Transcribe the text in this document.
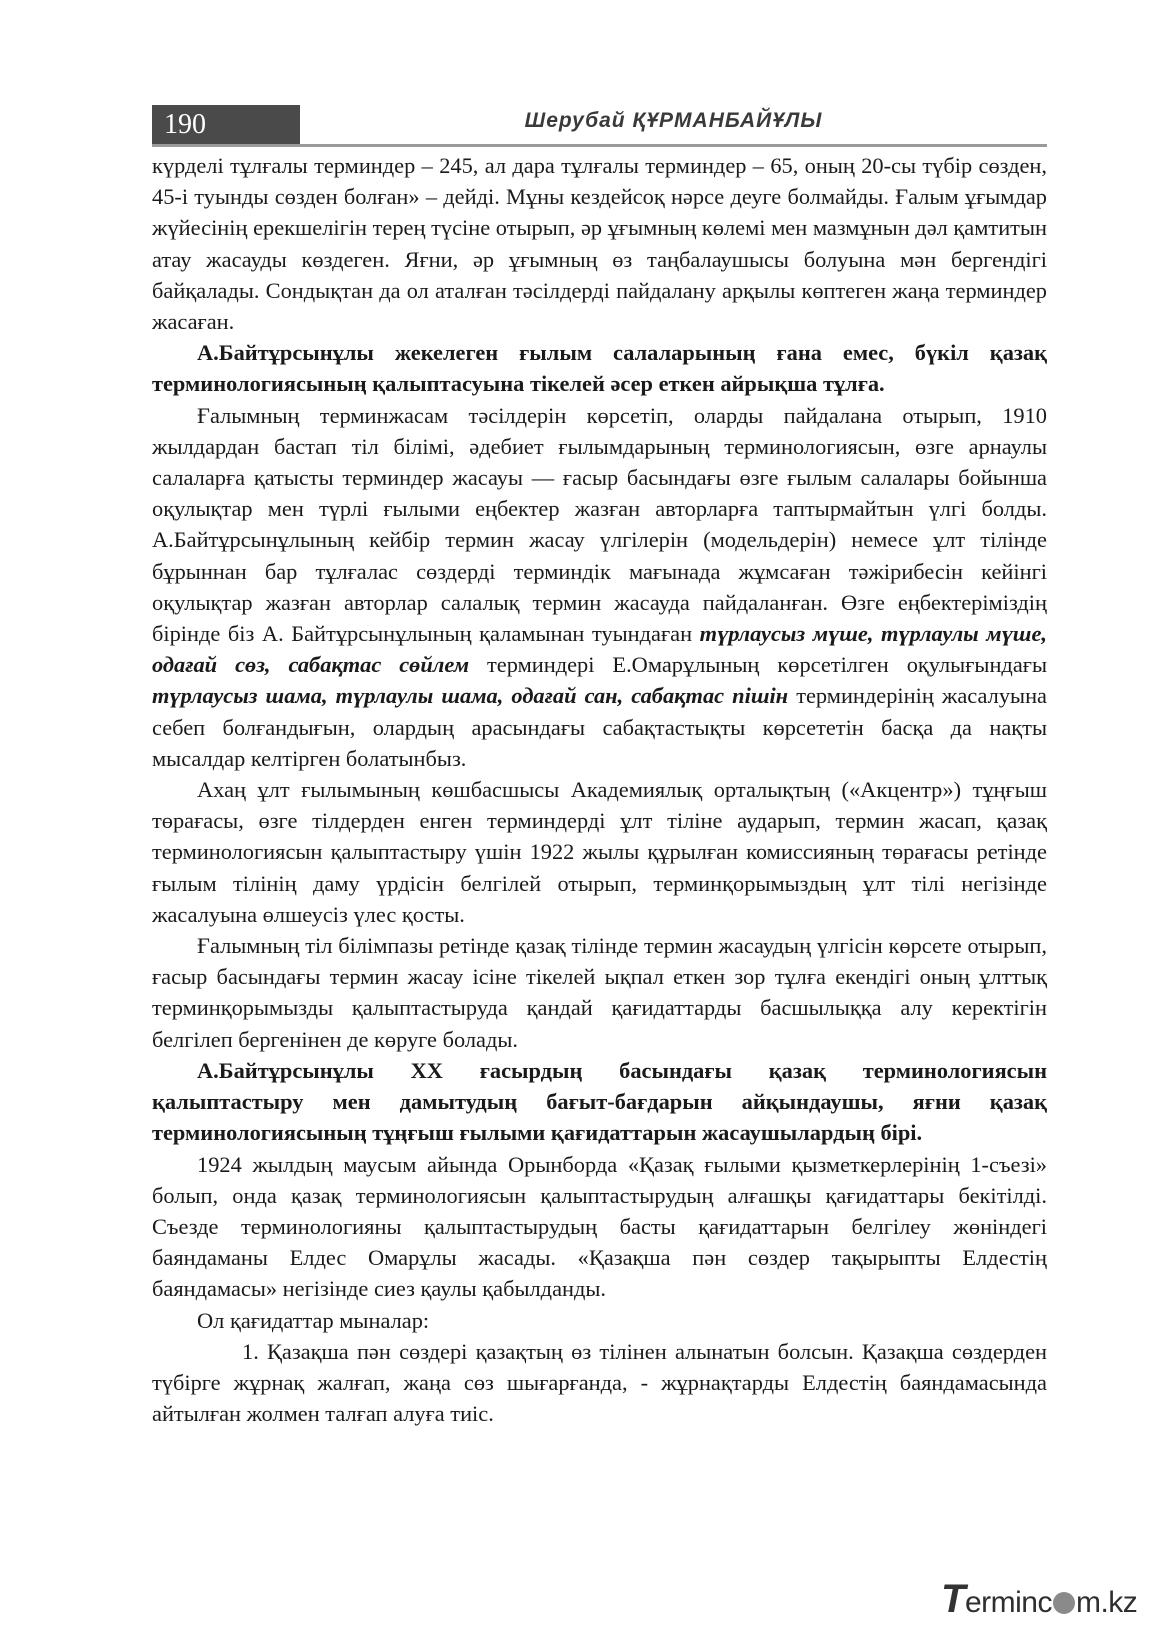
190	Шерубай ҚҰРМАНБАЙҰЛЫ

күрделі тұлғалы терминдер – 245, ал дара тұлғалы терминдер – 65, оның 20-сы түбір сөзден, 45-і туынды сөзден болған» – дейді. Мұны кездейсоқ нәрсе деуге болмайды. Ғалым ұғымдар жүйесінің ерекшелігін терең түсіне отырып, әр ұғымның көлемі мен мазмұнын дәл қамтитын атау жасауды көздеген. Яғни, әр ұғымның өз таңбалаушысы болуына мән бергендігі байқалады. Сондықтан да ол аталған тәсілдерді пайдалану арқылы көптеген жаңа терминдер жасаған.

А.Байтұрсынұлы жекелеген ғылым салаларының ғана емес, бүкіл қазақ терминологиясының қалыптасуына тікелей әсер еткен айрықша тұлға.

Ғалымның терминжасам тәсілдерін көрсетіп, оларды пайдалана отырып, 1910 жылдардан бастап тіл білімі, әдебиет ғылымдарының терминологиясын, өзге арнаулы салаларға қатысты терминдер жасауы — ғасыр басындағы өзге ғылым салалары бойынша оқулықтар мен түрлі ғылыми еңбектер жазған авторларға таптырмайтын үлгі болды. А.Байтұрсынұлының кейбір термин жасау үлгілерін (модельдерін) немесе ұлт тілінде бұрыннан бар тұлғалас сөздерді терминдік мағынада жұмсаған тәжірибесін кейінгі оқулықтар жазған авторлар салалық термин жасауда пайдаланған. Өзге еңбектеріміздің бірінде біз А. Байтұрсынұлының қаламынан туындаған түрлаусыз мүше, түрлаулы мүше, одағай сөз, сабақтас сөйлем терминдері Е.Омарұлының көрсетілген оқулығындағы түрлаусыз шама, түрлаулы шама, одағай сан, сабақтас пішін терминдерінің жасалуына себеп болғандығын, олардың арасындағы сабақтастықты көрсететін басқа да нақты мысалдар келтірген болатынбыз.

Ахаң ұлт ғылымының көшбасшысы Академиялық орталықтың («Акцентр») тұңғыш төрағасы, өзге тілдерден енген терминдерді ұлт тіліне аударып, термин жасап, қазақ терминологиясын қалыптастыру үшін 1922 жылы құрылған комиссияның төрағасы ретінде ғылым тілінің даму үрдісін белгілей отырып, терминқорымыздың ұлт тілі негізінде жасалуына өлшеусіз үлес қосты.

Ғалымның тіл білімпазы ретінде қазақ тілінде термин жасаудың үлгісін көрсете отырып, ғасыр басындағы термин жасау ісіне тікелей ықпал еткен зор тұлға екендігі оның ұлттық терминқорымызды қалыптастыруда қандай қағидаттарды басшылыққа алу керектігін белгілеп бергенінен де көруге болады.

А.Байтұрсынұлы XX ғасырдың басындағы қазақ терминологиясын қалыптастыру мен дамытудың бағыт-бағдарын айқындаушы, яғни қазақ терминологиясының тұңғыш ғылыми қағидаттарын жасаушылардың бірі.

1924 жылдың маусым айында Орынборда «Қазақ ғылыми қызметкерлерінің 1-съезі» болып, онда қазақ терминологиясын қалыптастырудың алғашқы қағидаттары бекітілді. Съезде терминологияны қалыптастырудың басты қағидаттарын белгілеу жөніндегі баяндаманы Елдес Омарұлы жасады. «Қазақша пән сөздер тақырыпты Елдестің баяндамасы» негізінде сиез қаулы қабылданды.

Ол қағидаттар мыналар:

1. Қазақша пән сөздері қазақтың өз тілінен алынатын болсын. Қазақша сөздерден түбірге жұрнақ жалғап, жаңа сөз шығарғанда, - жұрнақтарды Елдестің баяндамасында айтылған жолмен талғап алуға тиіс.

Terminc m.kz
